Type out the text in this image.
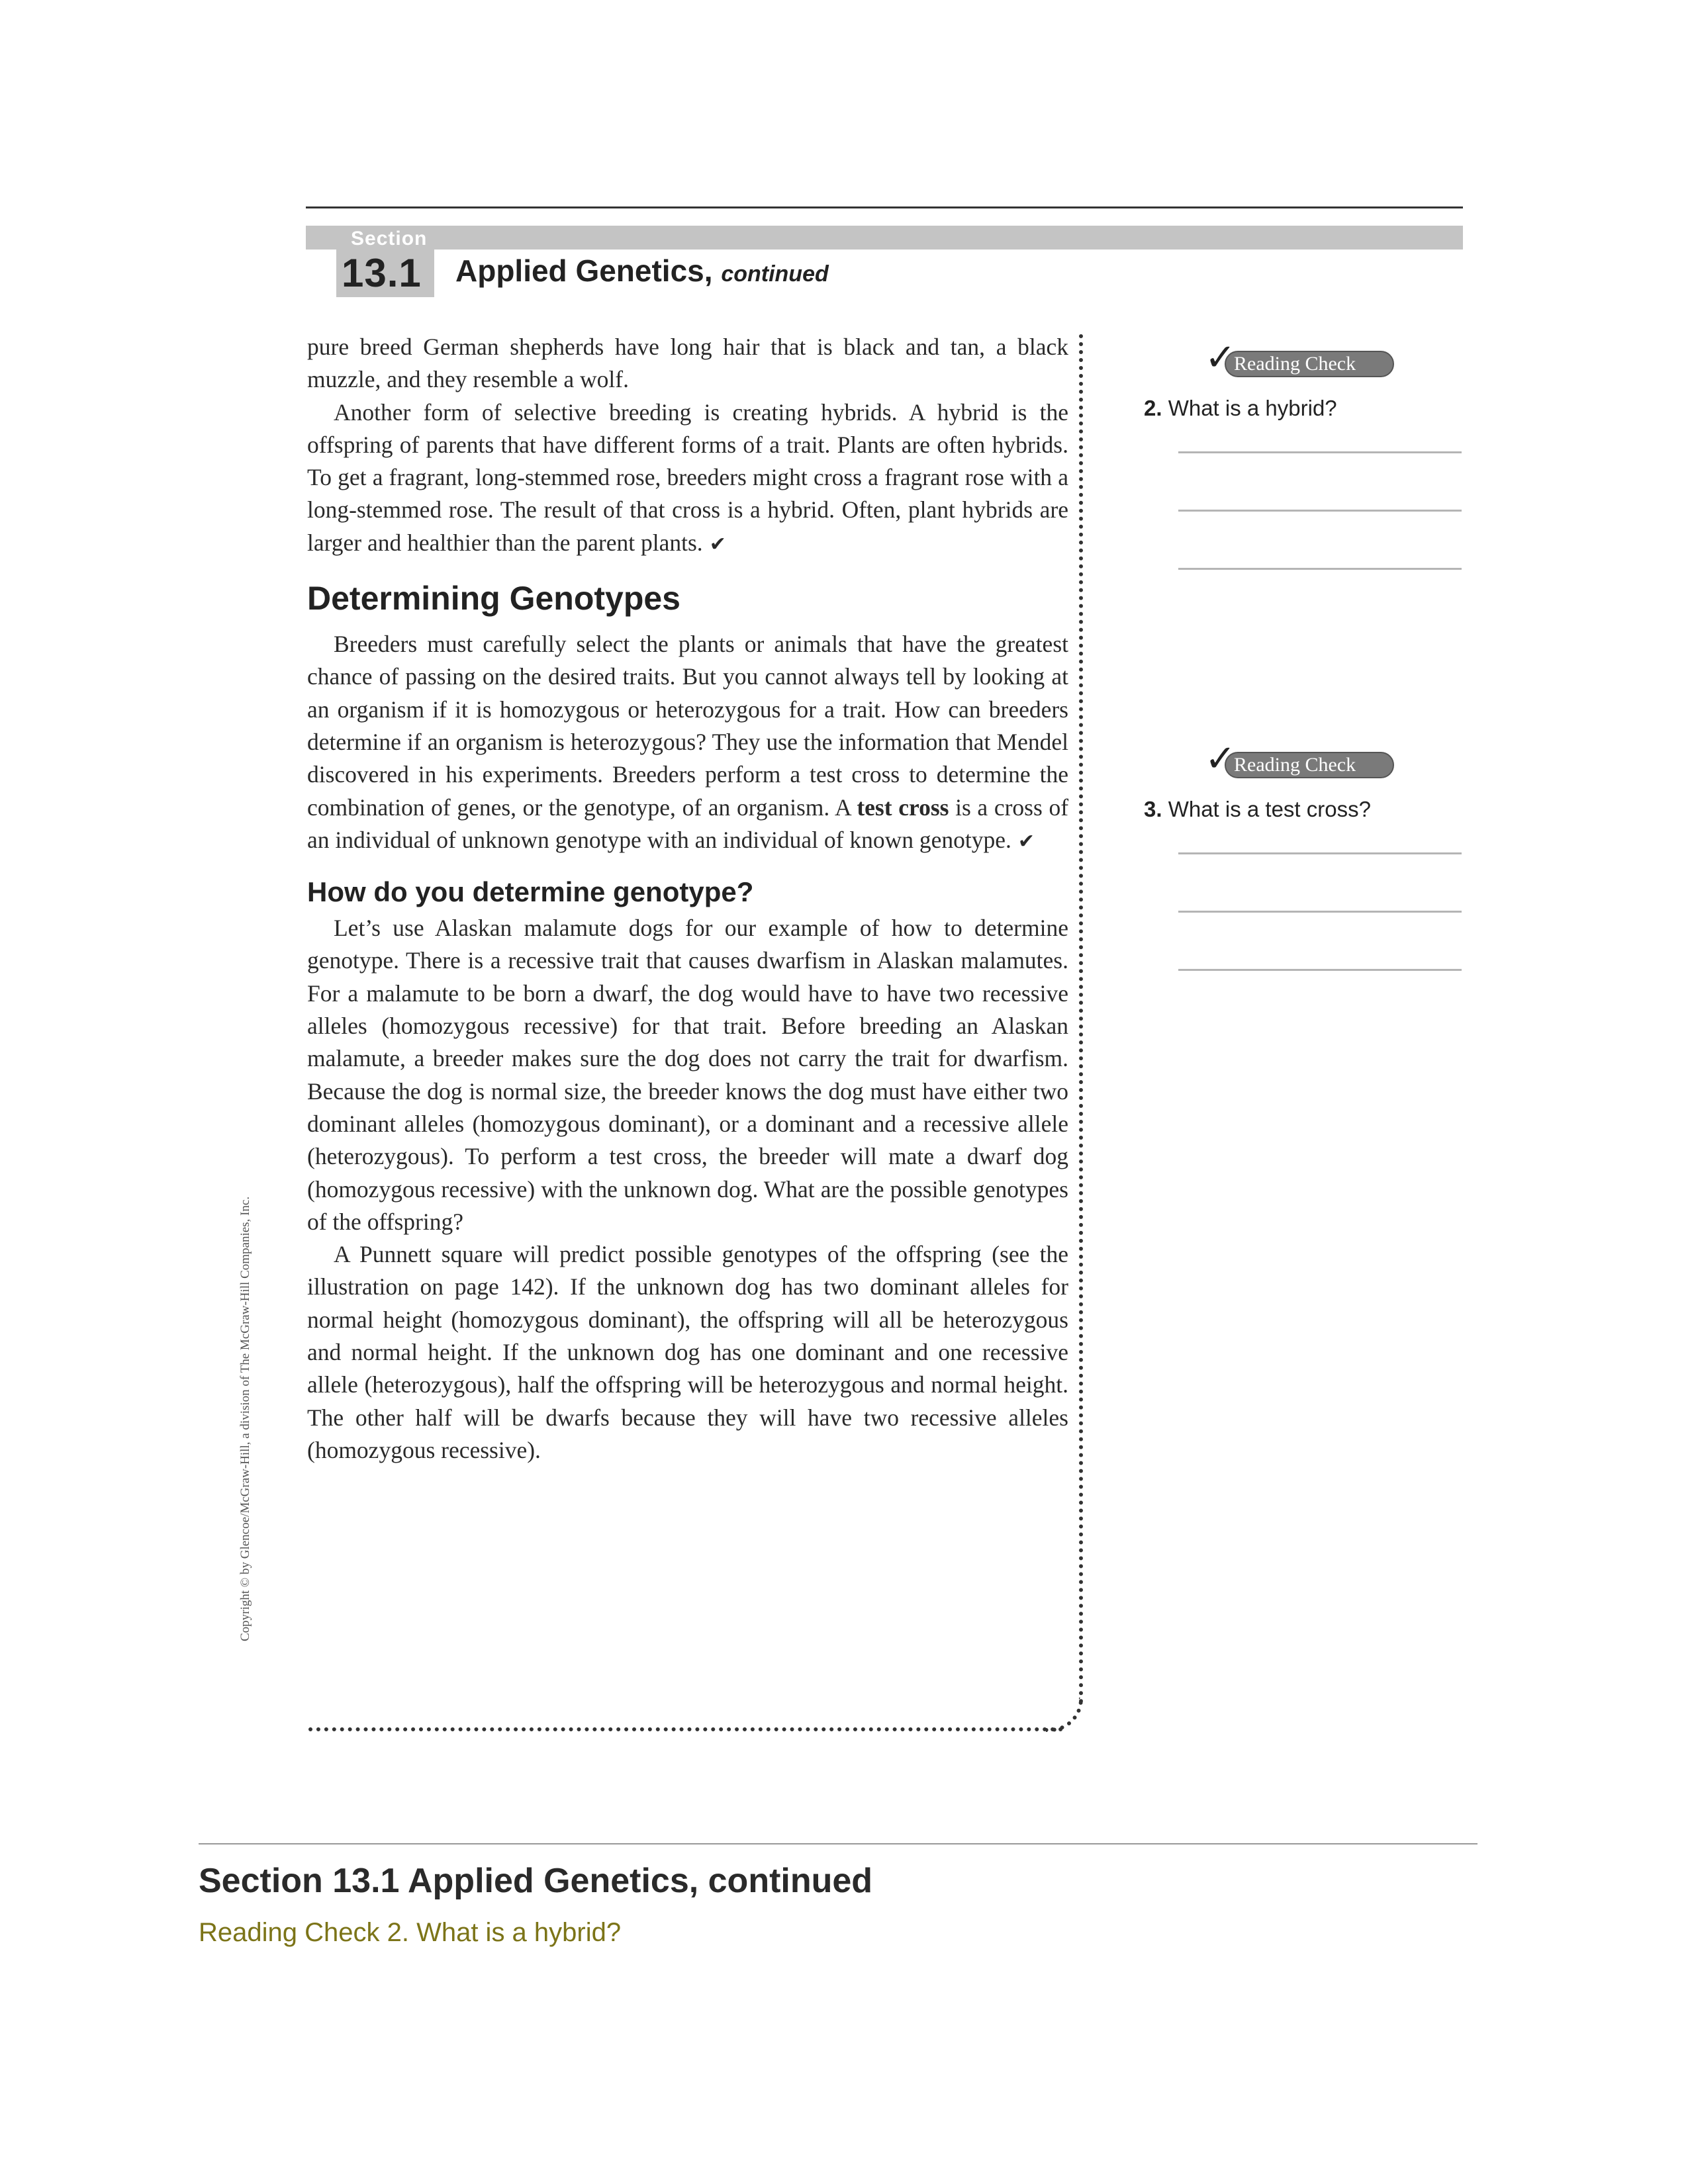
Section
13.1 Applied Genetics, continued

pure breed German shepherds have long hair that is black and tan, a black muzzle, and they resemble a wolf.

Another form of selective breeding is creating hybrids. A hybrid is the offspring of parents that have different forms of a trait. Plants are often hybrids. To get a fragrant, long-stemmed rose, breeders might cross a fragrant rose with a long-stemmed rose. The result of that cross is a hybrid. Often, plant hybrids are larger and healthier than the parent plants. ✔

Determining Genotypes

Breeders must carefully select the plants or animals that have the greatest chance of passing on the desired traits. But you cannot always tell by looking at an organism if it is homozygous or heterozygous for a trait. How can breeders determine if an organism is heterozygous? They use the information that Mendel discovered in his experiments. Breeders perform a test cross to determine the combination of genes, or the genotype, of an organism. A test cross is a cross of an individual of unknown genotype with an individual of known genotype. ✔

How do you determine genotype?

Let’s use Alaskan malamute dogs for our example of how to determine genotype. There is a recessive trait that causes dwarfism in Alaskan malamutes. For a malamute to be born a dwarf, the dog would have to have two recessive alleles (homozygous recessive) for that trait. Before breeding an Alaskan malamute, a breeder makes sure the dog does not carry the trait for dwarfism. Because the dog is normal size, the breeder knows the dog must have either two dominant alleles (homozygous dominant), or a dominant and a recessive allele (heterozygous). To perform a test cross, the breeder will mate a dwarf dog (homozygous recessive) with the unknown dog. What are the possible genotypes of the offspring?

A Punnett square will predict possible genotypes of the offspring (see the illustration on page 142). If the unknown dog has two dominant alleles for normal height (homozygous dominant), the offspring will all be heterozygous and normal height. If the unknown dog has one dominant and one recessive allele (heterozygous), half the offspring will be heterozygous and normal height. The other half will be dwarfs because they will have two recessive alleles (homozygous recessive).

Reading Check
✓
2. What is a hybrid?
Reading Check
✓
3. What is a test cross?
Copyright © by Glencoe/McGraw-Hill, a division of The McGraw-Hill Companies, Inc.
Section 13.1 Applied Genetics, continued
Reading Check 2. What is a hybrid?
